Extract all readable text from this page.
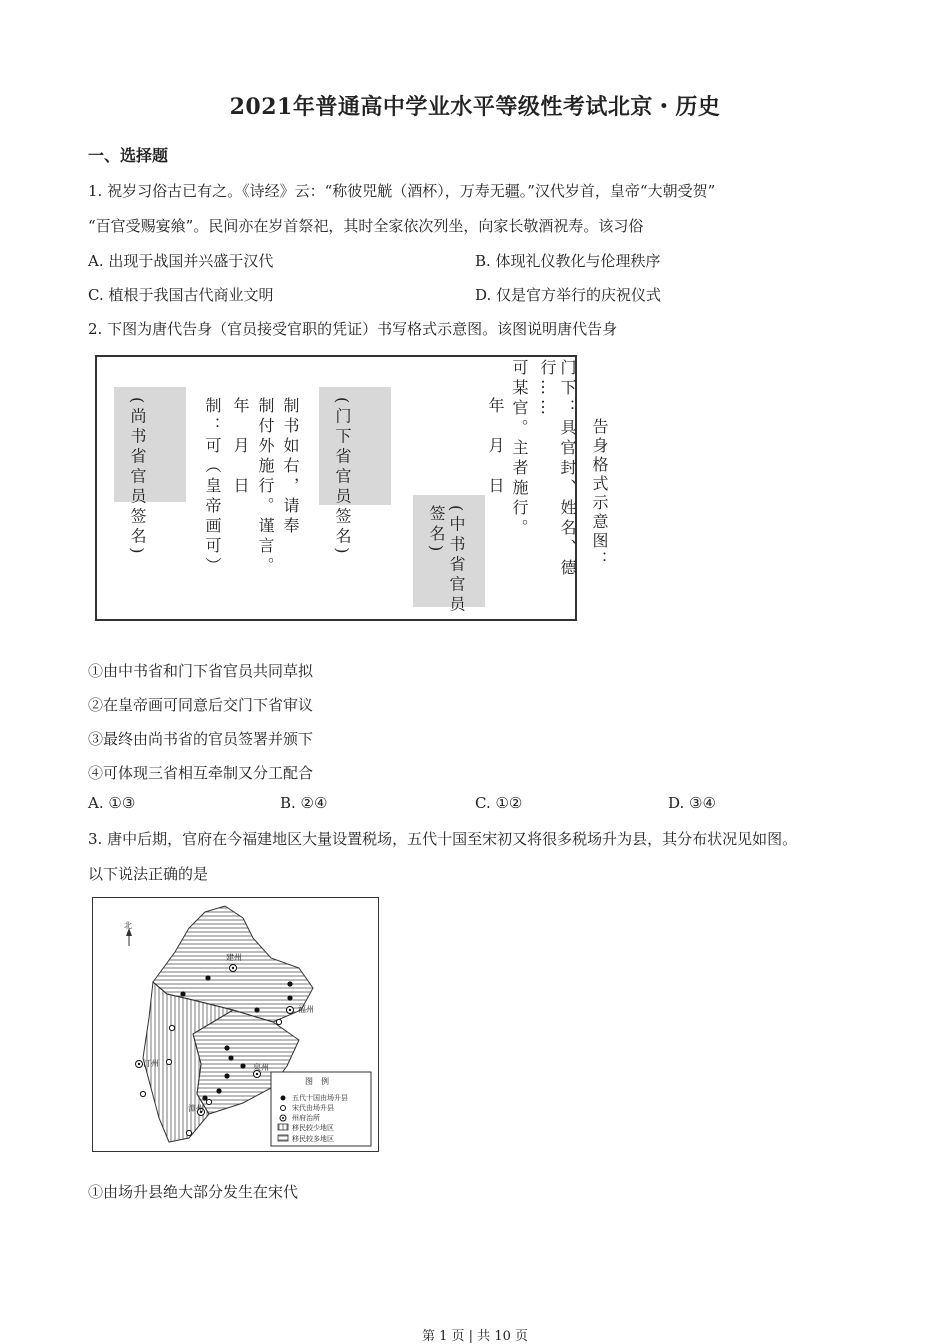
2021年普通高中学业水平等级性考试北京・历史
一、选择题
1. 祝岁习俗古已有之。《诗经》云：“称彼兕觥（酒杯），万寿无疆。”汉代岁首，皇帝“大朝受贺”
“百官受赐宴飨”。民间亦在岁首祭祀，其时全家依次列坐，向家长敬酒祝寿。该习俗
A. 出现于战国并兴盛于汉代	B. 体现礼仪教化与伦理秩序
C. 植根于我国古代商业文明	D. 仅是官方举行的庆祝仪式
2. 下图为唐代告身（官员接受官职的凭证）书写格式示意图。该图说明唐代告身
(尚书省官员签名)	制：可（皇帝画可） 年　月　日 制付外施行。谨言。 制书如右，请奉 (门下省官员签名)
(中书省官员签名)
年　月　日 可某官。主者施行。	门下：具官封、姓名、德行……
告身格式示意图：
①由中书省和门下省官员共同草拟
②在皇帝画可同意后交门下省审议
③最终由尚书省的官员签署并颁下
④可体现三省相互牵制又分工配合
A. ①③	B. ②④	C. ①②	D. ③④
3. 唐中后期，官府在今福建地区大量设置税场，五代十国至宋初又将很多税场升为县，其分布状况见如图。
以下说法正确的是
北
建州
福州
汀州	泉州
漳州
图　例
五代十国由场升县
宋代由场升县
州府治所
移民较少地区
移民较多地区
①由场升县绝大部分发生在宋代
第 1 页 | 共 10 页
